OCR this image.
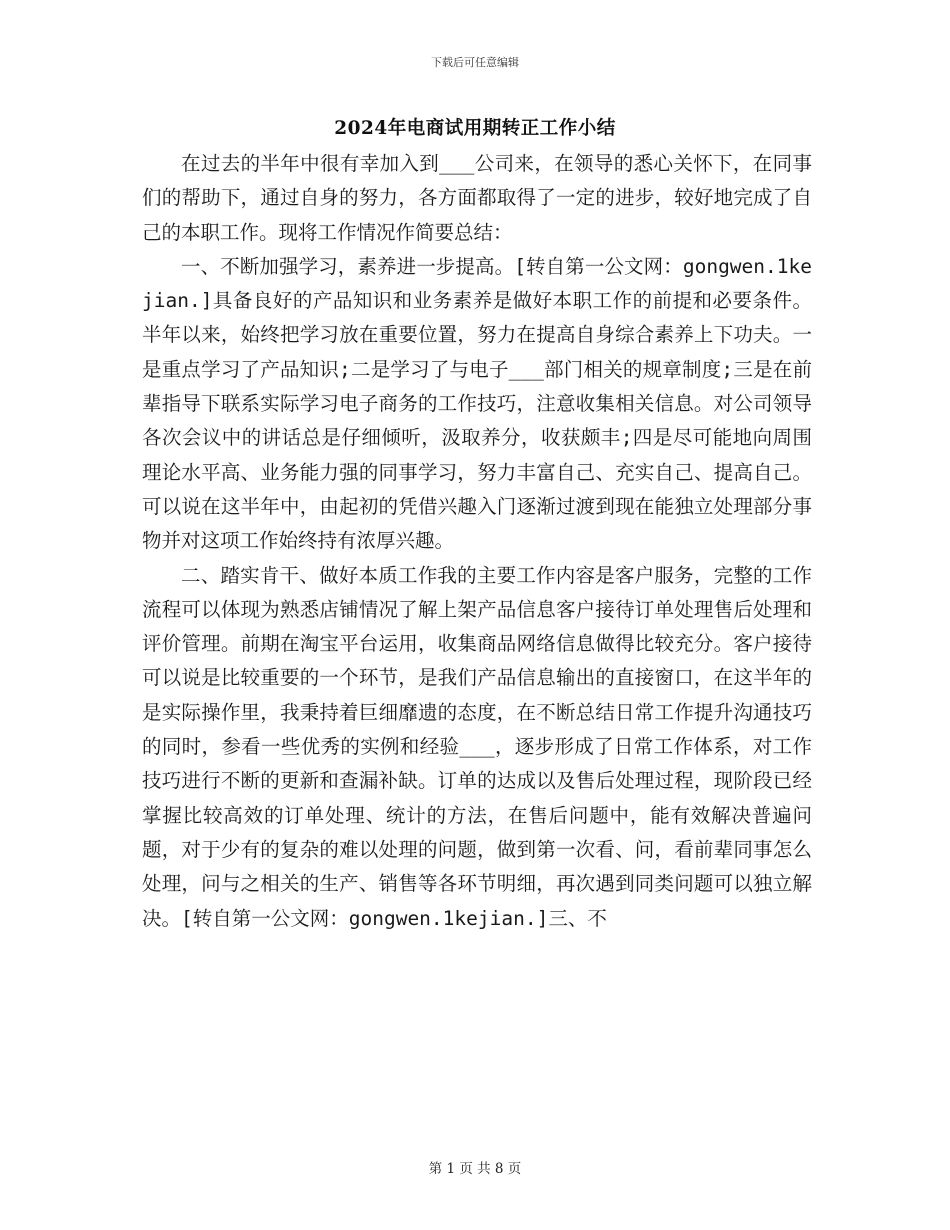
下载后可任意编辑
2024年电商试用期转正工作小结

在过去的半年中很有幸加入到___公司来，在领导的悉心关怀下，在同事们的帮助下，通过自身的努力，各方面都取得了一定的进步，较好地完成了自己的本职工作。现将工作情况作简要总结：

一、不断加强学习，素养进一步提高。[转自第一公文网：gongwen.1kejian.]具备良好的产品知识和业务素养是做好本职工作的前提和必要条件。半年以来，始终把学习放在重要位置，努力在提高自身综合素养上下功夫。一是重点学习了产品知识;二是学习了与电子___部门相关的规章制度;三是在前辈指导下联系实际学习电子商务的工作技巧，注意收集相关信息。对公司领导各次会议中的讲话总是仔细倾听，汲取养分，收获颇丰;四是尽可能地向周围理论水平高、业务能力强的同事学习，努力丰富自己、充实自己、提高自己。可以说在这半年中，由起初的凭借兴趣入门逐渐过渡到现在能独立处理部分事物并对这项工作始终持有浓厚兴趣。

二、踏实肯干、做好本质工作我的主要工作内容是客户服务，完整的工作流程可以体现为熟悉店铺情况了解上架产品信息客户接待订单处理售后处理和评价管理。前期在淘宝平台运用，收集商品网络信息做得比较充分。客户接待可以说是比较重要的一个环节，是我们产品信息输出的直接窗口，在这半年的是实际操作里，我秉持着巨细靡遗的态度，在不断总结日常工作提升沟通技巧的同时，参看一些优秀的实例和经验___，逐步形成了日常工作体系，对工作技巧进行不断的更新和查漏补缺。订单的达成以及售后处理过程，现阶段已经掌握比较高效的订单处理、统计的方法，在售后问题中，能有效解决普遍问题，对于少有的复杂的难以处理的问题，做到第一次看、问，看前辈同事怎么处理，问与之相关的生产、销售等各环节明细，再次遇到同类问题可以独立解决。[转自第一公文网：gongwen.1kejian.]三、不

第 1 页 共 8 页
